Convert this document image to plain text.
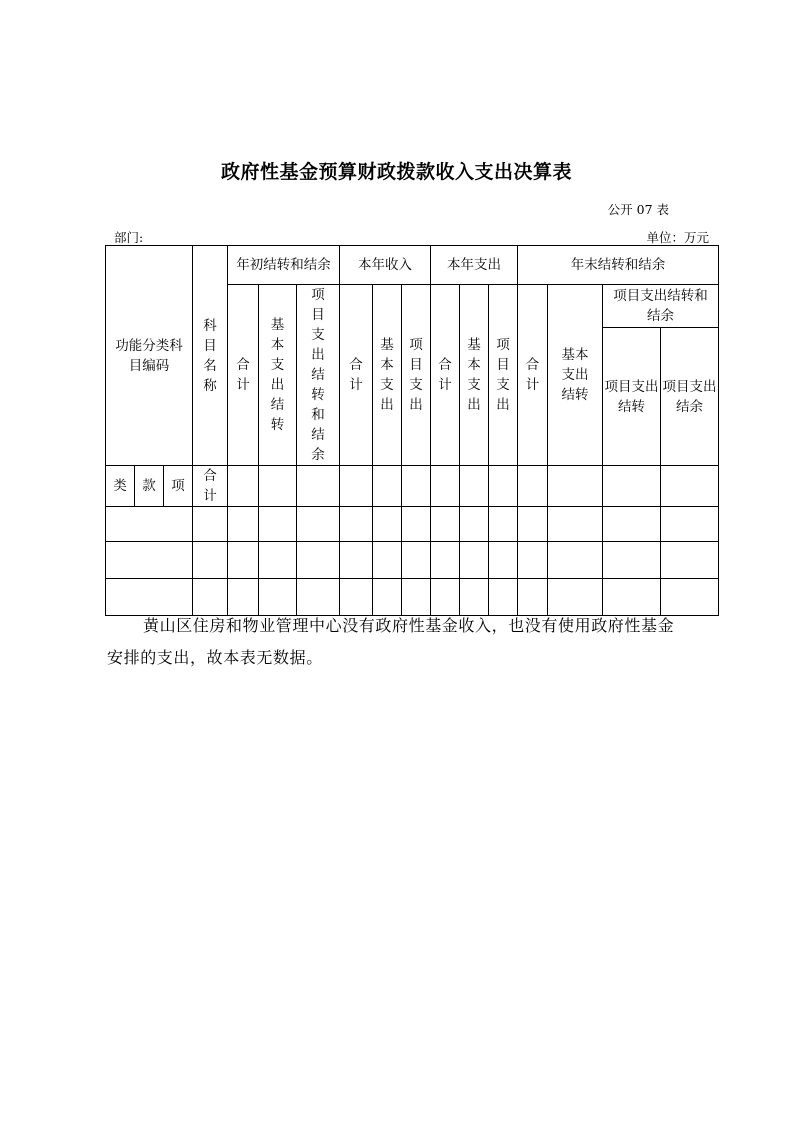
政府性基金预算财政拨款收入支出决算表
公开 07 表
部门:	单位：万元
功能分类科目编码			科目名称	年初结转和结余			本年收入			本年支出			年末结转和结余			
				合计	基本支出结转	项目支出结转和结余	合计	基本支出	项目支出	合计	基本支出	项目支出	合计	基本支出结转	项目支出结转和结余	
															项目支出结转	项目支出结余
类	款	项	合计													

黄山区住房和物业管理中心没有政府性基金收入，也没有使用政府性基金安排的支出，故本表无数据。
